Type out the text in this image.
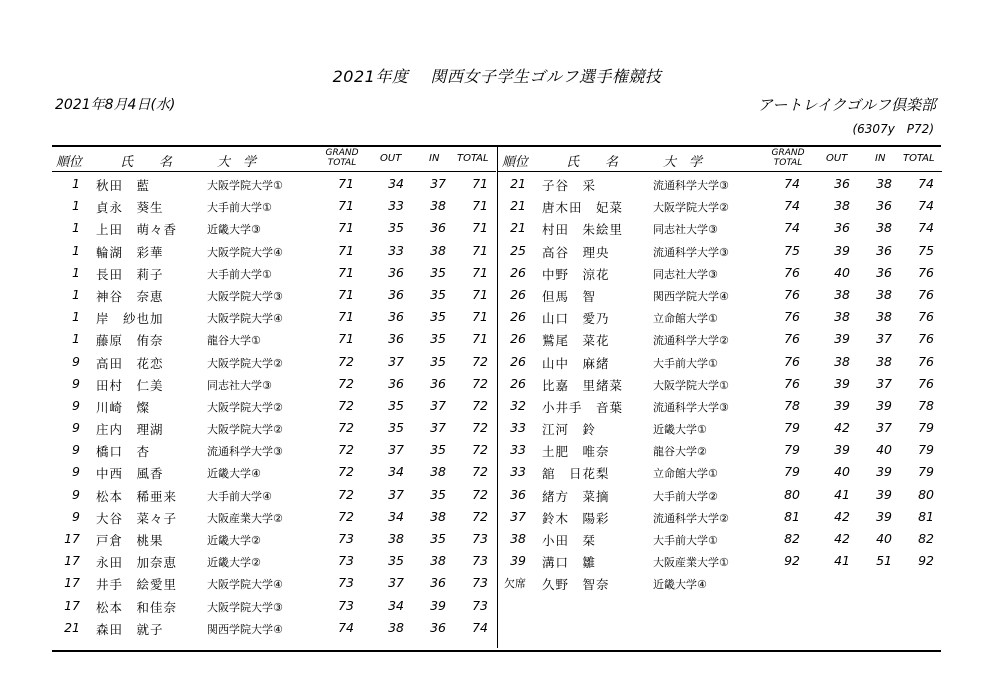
2021年度　 関西女子学生ゴルフ選手権競技
2021年8月4日(水)	アートレイクゴルフ倶楽部
(6307y　P72)
順位	氏　　名	大　学
GRAND TOTAL	OUT	IN TOTAL
1 秋田　藍	大阪学院大学①	71	34	37	71
1 貞永　葵生	大手前大学①	71	33	38	71
1 上田　萌々香	近畿大学③	71	35	36	71
1 輪湖　彩華	大阪学院大学④	71	33	38	71
1 長田　莉子	大手前大学①	71	36	35	71
1 神谷　奈恵	大阪学院大学③	71	36	35	71
1 岸　紗也加	大阪学院大学④	71	36	35	71
1 藤原　侑奈	龍谷大学①	71	36	35	71
9 高田　花恋	大阪学院大学②	72	37	35	72
9 田村　仁美	同志社大学③	72	36	36	72
9 川崎　燦	大阪学院大学②	72	35	37	72
9 庄内　理湖	大阪学院大学②	72	35	37	72
9 橋口　杏	流通科学大学③	72	37	35	72
9 中西　風香	近畿大学④	72	34	38	72
9 松本　稀亜来	大手前大学④	72	37	35	72
9 大谷　菜々子	大阪産業大学②	72	34	38	72
17 戸倉　桃果	近畿大学②	73	38	35	73
17 永田　加奈恵	近畿大学②	73	35	38	73
17 井手　絵愛里	大阪学院大学④	73	37	36	73
17 松本　和佳奈	大阪学院大学③	73	34	39	73
21 森田　就子	関西学院大学④	74	38	36	74
順位	氏　　名	大　学
GRAND TOTAL	OUT	IN TOTAL
21 子谷　采	流通科学大学③	74	36	38	74
21 唐木田　妃菜	大阪学院大学②	74	38	36	74
21 村田　朱絵里	同志社大学③	74	36	38	74
25 高谷　理央	流通科学大学③	75	39	36	75
26 中野　涼花	同志社大学③	76	40	36	76
26 但馬　智	関西学院大学④	76	38	38	76
26 山口　愛乃	立命館大学①	76	38	38	76
26 鷲尾　菜花	流通科学大学②	76	39	37	76
26 山中　麻緒	大手前大学①	76	38	38	76
26 比嘉　里緒菜	大阪学院大学①	76	39	37	76
32 小井手　音葉	流通科学大学③	78	39	39	78
33 江河　鈴	近畿大学①	79	42	37	79
33 土肥　唯奈	龍谷大学②	79	39	40	79
33 舘　日花梨	立命館大学①	79	40	39	79
36 緒方　菜摘	大手前大学②	80	41	39	80
37 鈴木　陽彩	流通科学大学②	81	42	39	81
38 小田　栞	大手前大学①	82	42	40	82
39 溝口　雛	大阪産業大学①	92	41	51	92
欠席 久野　智奈	近畿大学④
